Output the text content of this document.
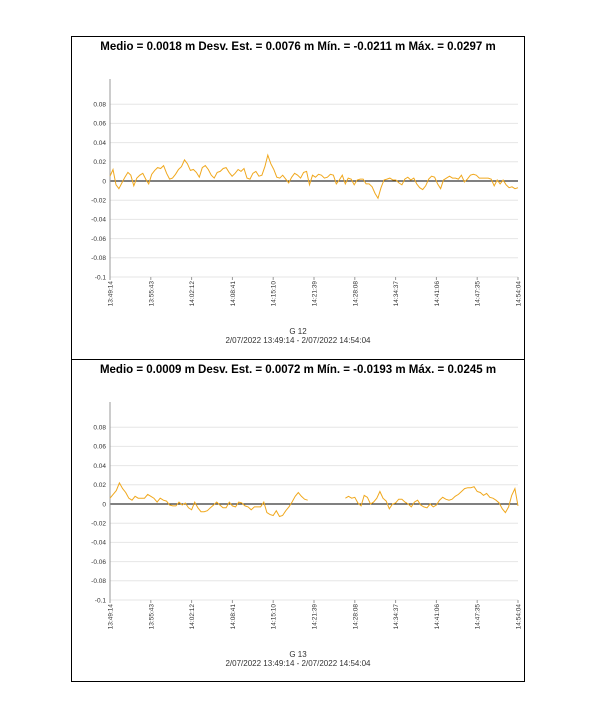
Medio = 0.0018 m Desv. Est. = 0.0076 m Mín. = -0.0211 m Máx. = 0.0297 m
0.08
0.06
0.04
0.02
0
-0.02
-0.04
-0.06
-0.08
-0.1
13:49:14	13:55:43	14:02:12	14:08:41	14:15:10	14:21:39	14:28:08	14:34:37	14:41:06	14:47:35	14:54:04
G 12
2/07/2022 13:49:14 - 2/07/2022 14:54:04
Medio = 0.0009 m Desv. Est. = 0.0072 m Mín. = -0.0193 m Máx. = 0.0245 m
0.08
0.06
0.04
0.02
0
-0.02
-0.04
-0.06
-0.08
-0.1
13:49:14	13:55:43	14:02:12	14:08:41	14:15:10	14:21:39	14:28:08	14:34:37	14:41:06	14:47:35	14:54:04
G 13
2/07/2022 13:49:14 - 2/07/2022 14:54:04
